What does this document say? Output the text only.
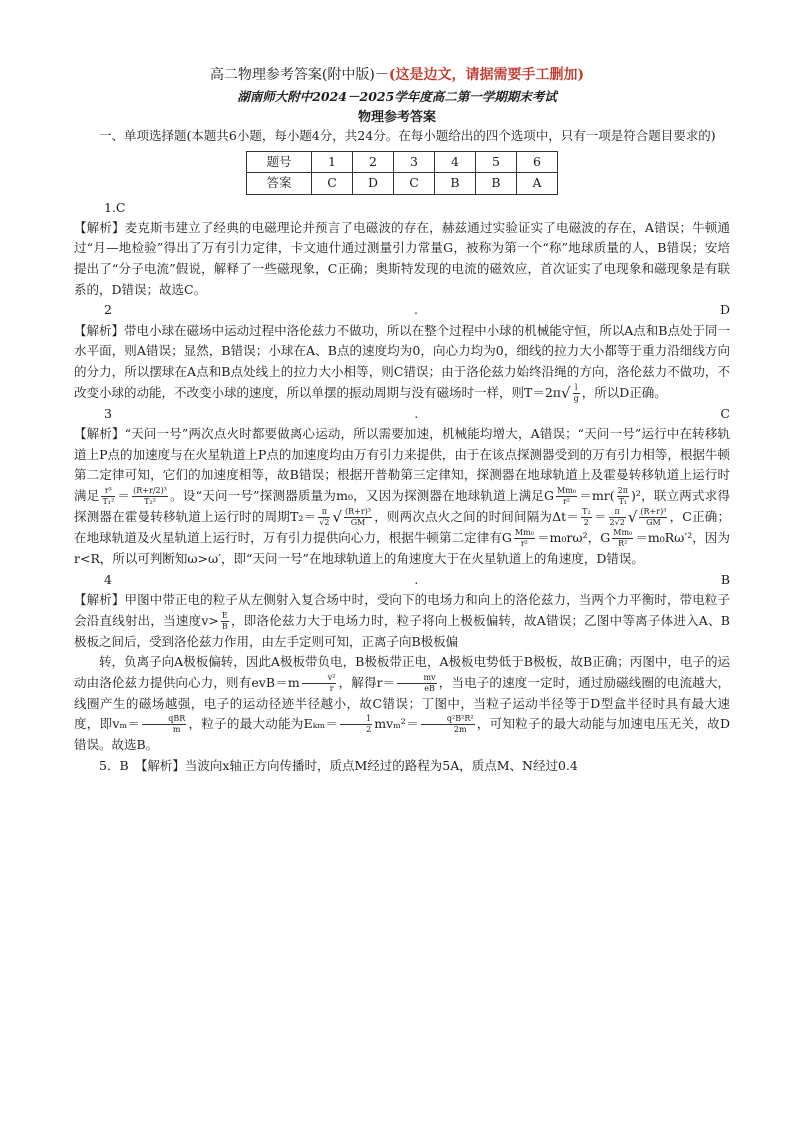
高二物理参考答案(附中版)－(这是边文，请据需要手工删加)
湖南师大附中2024－2025学年度高二第一学期期末考试
物理参考答案

一、单项选择题(本题共6小题，每小题4分，共24分。在每小题给出的四个选项中，只有一项是符合题目要求的)

题号	1	2	3	4	5	6
答案	C	D	C	B	B	A
1.C

【解析】麦克斯韦建立了经典的电磁理论并预言了电磁波的存在，赫兹通过实验证实了电磁波的存在，A错误；牛顿通过“月—地检验”得出了万有引力定律，卡文迪什通过测量引力常量G，被称为第一个“称”地球质量的人，B错误；安培提出了“分子电流”假说，解释了一些磁现象，C正确；奥斯特发现的电流的磁效应，首次证实了电现象和磁现象是有联系的，D错误；故选C。

2	.	D

【解析】带电小球在磁场中运动过程中洛伦兹力不做功，所以在整个过程中小球的机械能守恒，所以A点和B点处于同一水平面，则A错误；显然，B错误；小球在A、B点的速度均为0，向心力均为0，细线的拉力大小都等于重力沿细线方向的分力，所以摆球在A点和B点处线上的拉力大小相等，则C错误；由于洛伦兹力始终沿绳的方向，洛伦兹力不做功，不改变小球的动能，不改变小球的速度，所以单摆的振动周期与没有磁场时一样，则$T=2\pi√ \frac{l}{g}$ ，所以D正确。

3	.	C

【解析】“天问一号”两次点火时都要做离心运动，所以需要加速，机械能均增大，A错误；“天问一号”运行中在转移轨道上P点的加速度与在火星轨道上P点的加速度均由万有引力来提供，由于在该点探测器受到的万有引力相等，根据牛顿第二定律可知，它们的加速度相等，故B错误；根据开普勒第三定律知，探测器在地球轨道上及霍曼转移轨道上运行时满足 $\frac{\text{r³}}{\text{T₁²}} = \frac{\text{(R+r/2)³}}{\text{T₂²}}$ 。设“天问一号”探测器质量为m₀，又因为探测器在地球轨道上满足G $\frac{\text{Mm₀}}{\text{r²}} =mr( \frac{2\pi}{\text{T₁}} )^2$，联立两式求得探测器在霍曼转移轨道上运行时的周期$T_2= \frac{\pi}{√2}$ √ $\frac{\text{(R+r)³}}{GM}$ ，则两次点火之间的时间间隔为$\Delta t= \frac{\text{T₂}}{2} = \frac{\pi}{2√2}$ √ $\frac{\text{(R+r)³}}{GM}$ ，C正确；在地球轨道及火星轨道上运行时，万有引力提供向心力，根据牛顿第二定律有G $\frac{\text{Mm₀}}{\text{r²}} =m_0r\omega^2$，G $\frac{\text{Mm₀}}{\text{R²}} =m_0R\omega'^2$，因为r<R，所以可判断知ω>ω′，即“天问一号”在地球轨道上的角速度大于在火星轨道上的角速度，D错误。

4	.	B

【解析】甲图中带正电的粒子从左侧射入复合场中时，受向下的电场力和向上的洛伦兹力，当两个力平衡时，带电粒子会沿直线射出，当速度$v> \frac{E}{B}$ ，即洛伦兹力大于电场力时，粒子将向上极板偏转，故A错误；乙图中等离子体进入A、B极板之间后，受到洛伦兹力作用，由左手定则可知，正离子向B极板偏

转，负离子向A极板偏转，因此A极板带负电，B极板带正电，A极板电势低于B极板，故B正确；丙图中，电子的运动由洛伦兹力提供向心力，则有$evB=m \frac{\text{v²}}{r}$ ，解得$r= \frac{mv}{eB}$ ，当电子的速度一定时，通过励磁线圈的电流越大，线圈产生的磁场越强，电子的运动径迹半径越小，故C错误；丁图中，当粒子运动半径等于D型盒半径时具有最大速度，即$v_m= \frac{\text{qBR}}{m}$ ，粒子的最大动能为$E_{km}= \frac{1}{2} mv_m^2= \frac{\text{q²B²R²}}{2m}$ ，可知粒子的最大动能与加速电压无关，故D错误。故选B。

5．B　【解析】当波向x轴正方向传播时，质点M经过的路程为5A，质点M、N经过0.4
